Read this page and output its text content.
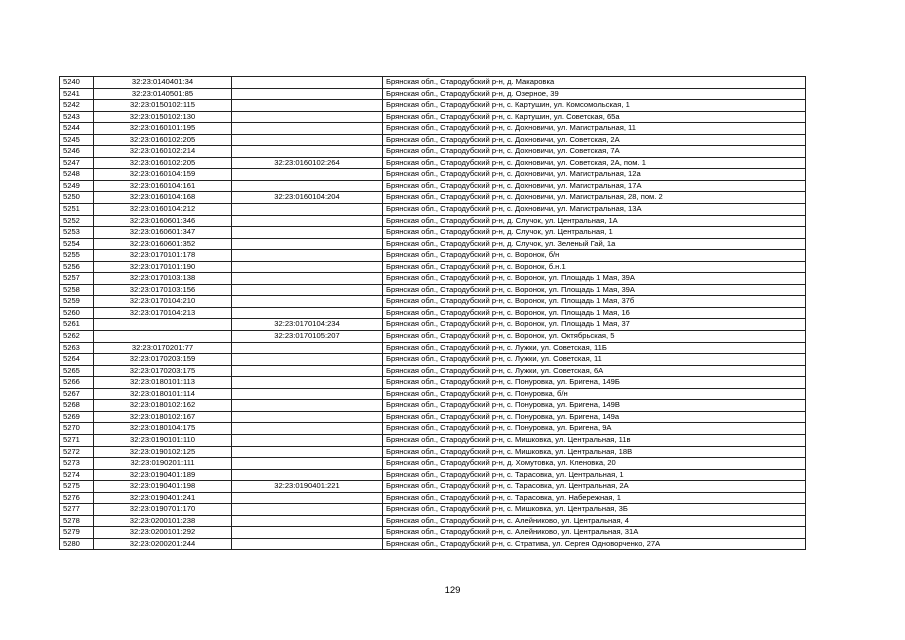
5240	32:23:0140401:34		Брянская обл., Стародубский р-н, д. Макаровка
5241	32:23:0140501:85		Брянская обл., Стародубский р-н, д. Озерное, 39
5242	32:23:0150102:115		Брянская обл., Стародубский р-н, с. Картушин, ул. Комсомольская, 1
5243	32:23:0150102:130		Брянская обл., Стародубский р-н, с. Картушин, ул. Советская, 65а
5244	32:23:0160101:195		Брянская обл., Стародубский р-н, с. Дохновичи, ул. Магистральная, 11
5245	32:23:0160102:205		Брянская обл., Стародубский р-н, с. Дохновичи, ул. Советская, 2А
5246	32:23:0160102:214		Брянская обл., Стародубский р-н, с. Дохновичи, ул. Советская, 7А
5247	32:23:0160102:205	32:23:0160102:264	Брянская обл., Стародубский р-н, с. Дохновичи, ул. Советская, 2А, пом. 1
5248	32:23:0160104:159		Брянская обл., Стародубский р-н, с. Дохновичи, ул. Магистральная, 12а
5249	32:23:0160104:161		Брянская обл., Стародубский р-н, с. Дохновичи, ул. Магистральная, 17А
5250	32:23:0160104:168	32:23:0160104:204	Брянская обл., Стародубский р-н, с. Дохновичи, ул. Магистральная, 28, пом. 2
5251	32:23:0160104:212		Брянская обл., Стародубский р-н, с. Дохновичи, ул. Магистральная, 13А
5252	32:23:0160601:346		Брянская обл., Стародубский р-н, д. Случок, ул. Центральная, 1А
5253	32:23:0160601:347		Брянская обл., Стародубский р-н, д. Случок, ул. Центральная, 1
5254	32:23:0160601:352		Брянская обл., Стародубский р-н, д. Случок, ул. Зеленый Гай, 1а
5255	32:23:0170101:178		Брянская обл., Стародубский р-н, с. Воронок, б/н
5256	32:23:0170101:190		Брянская обл., Стародубский р-н, с. Воронок, б.н.1
5257	32:23:0170103:138		Брянская обл., Стародубский р-н, с. Воронок, ул. Площадь 1 Мая, 39А
5258	32:23:0170103:156		Брянская обл., Стародубский р-н, с. Воронок, ул. Площадь 1 Мая, 39А
5259	32:23:0170104:210		Брянская обл., Стародубский р-н, с. Воронок, ул. Площадь 1 Мая, 37б
5260	32:23:0170104:213		Брянская обл., Стародубский р-н, с. Воронок, ул. Площадь 1 Мая, 16
5261		32:23:0170104:234	Брянская обл., Стародубский р-н, с. Воронок, ул. Площадь 1 Мая, 37
5262		32:23:0170105:207	Брянская обл., Стародубский р-н, с. Воронок, ул. Октябрьская, 5
5263	32:23:0170201:77		Брянская обл., Стародубский р-н, с. Лужки, ул. Советская, 11Б
5264	32:23:0170203:159		Брянская обл., Стародубский р-н, с. Лужки, ул. Советская, 11
5265	32:23:0170203:175		Брянская обл., Стародубский р-н, с. Лужки, ул. Советская, 6А
5266	32:23:0180101:113		Брянская обл., Стародубский р-н, с. Понуровка, ул. Бригена, 149Б
5267	32:23:0180101:114		Брянская обл., Стародубский р-н, с. Понуровка, б/н
5268	32:23:0180102:162		Брянская обл., Стародубский р-н, с. Понуровка, ул. Бригена, 149В
5269	32:23:0180102:167		Брянская обл., Стародубский р-н, с. Понуровка, ул. Бригена, 149а
5270	32:23:0180104:175		Брянская обл., Стародубский р-н, с. Понуровка, ул. Бригена, 9А
5271	32:23:0190101:110		Брянская обл., Стародубский р-н, с. Мишковка, ул. Центральная, 11в
5272	32:23:0190102:125		Брянская обл., Стародубский р-н, с. Мишковка, ул. Центральная, 18В
5273	32:23:0190201:111		Брянская обл., Стародубский р-н, д. Хомутовка, ул. Кленовка, 20
5274	32:23:0190401:189		Брянская обл., Стародубский р-н, с. Тарасовка, ул. Центральная, 1
5275	32:23:0190401:198	32:23:0190401:221	Брянская обл., Стародубский р-н, с. Тарасовка, ул. Центральная, 2А
5276	32:23:0190401:241		Брянская обл., Стародубский р-н, с. Тарасовка, ул. Набережная, 1
5277	32:23:0190701:170		Брянская обл., Стародубский р-н, с. Мишковка, ул. Центральная, 3Б
5278	32:23:0200101:238		Брянская обл., Стародубский р-н, с. Алейниково, ул. Центральная, 4
5279	32:23:0200101:292		Брянская обл., Стародубский р-н, с. Алейниково, ул. Центральная, 31А
5280	32:23:0200201:244		Брянская обл., Стародубский р-н, с. Стратива, ул. Сергея Одноворченко, 27А
129
